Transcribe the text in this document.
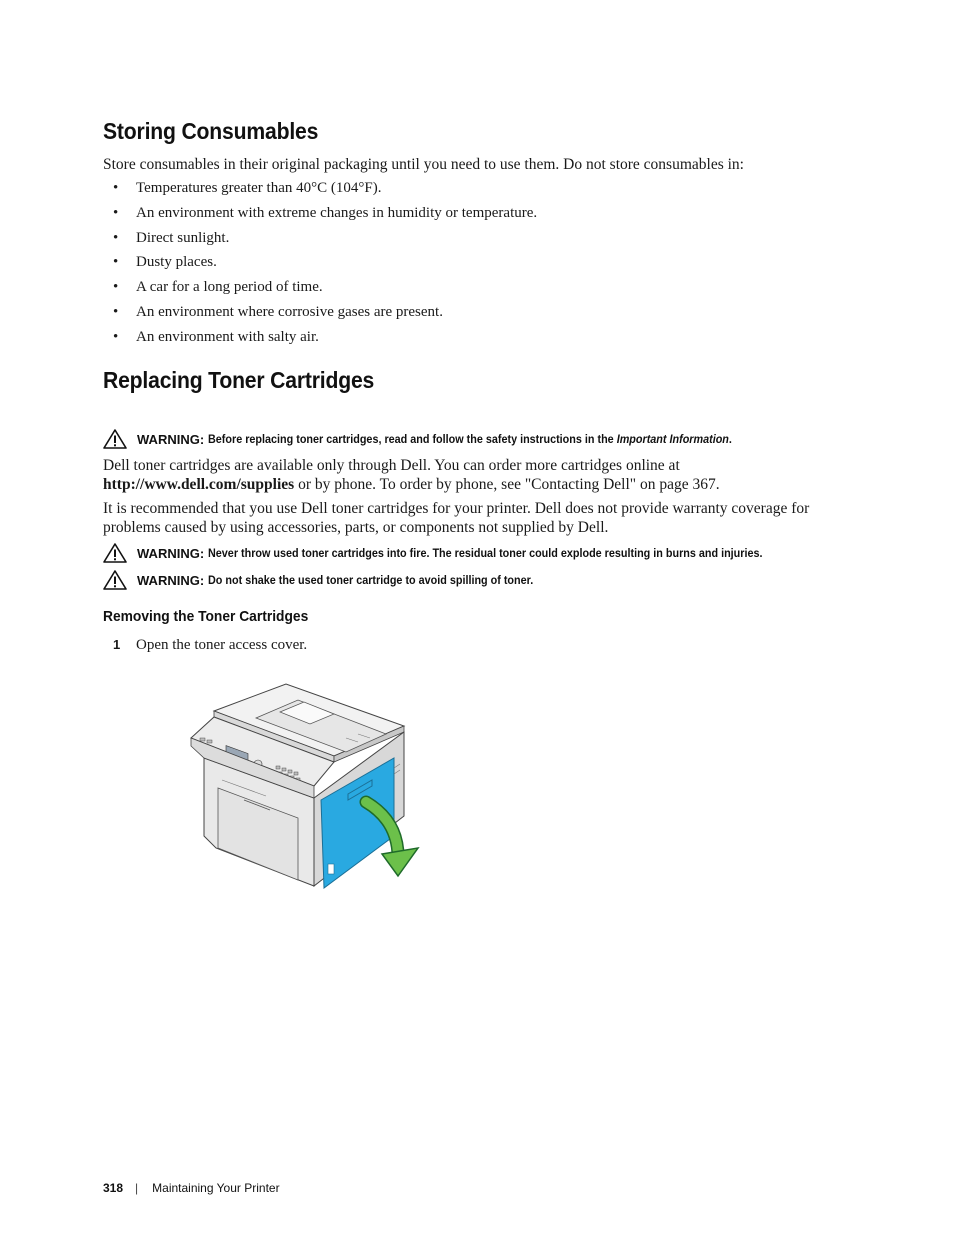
Storing Consumables

Store consumables in their original packaging until you need to use them. Do not store consumables in:

• Temperatures greater than 40°C (104°F).
• An environment with extreme changes in humidity or temperature.
• Direct sunlight.
• Dusty places.
• A car for a long period of time.
• An environment where corrosive gases are present.
• An environment with salty air.
Replacing Toner Cartridges
WARNING: Before replacing toner cartridges, read and follow the safety instructions in the Important Information.

Dell toner cartridges are available only through Dell. You can order more cartridges online at
http://www.dell.com/supplies or by phone. To order by phone, see "Contacting Dell" on page 367.

It is recommended that you use Dell toner cartridges for your printer. Dell does not provide warranty coverage for problems caused by using accessories, parts, or components not supplied by Dell.

WARNING: Never throw used toner cartridges into fire. The residual toner could explode resulting in burns and injuries.
WARNING: Do not shake the used toner cartridge to avoid spilling of toner.
Removing the Toner Cartridges
1 Open the toner access cover.
318 | Maintaining Your Printer
